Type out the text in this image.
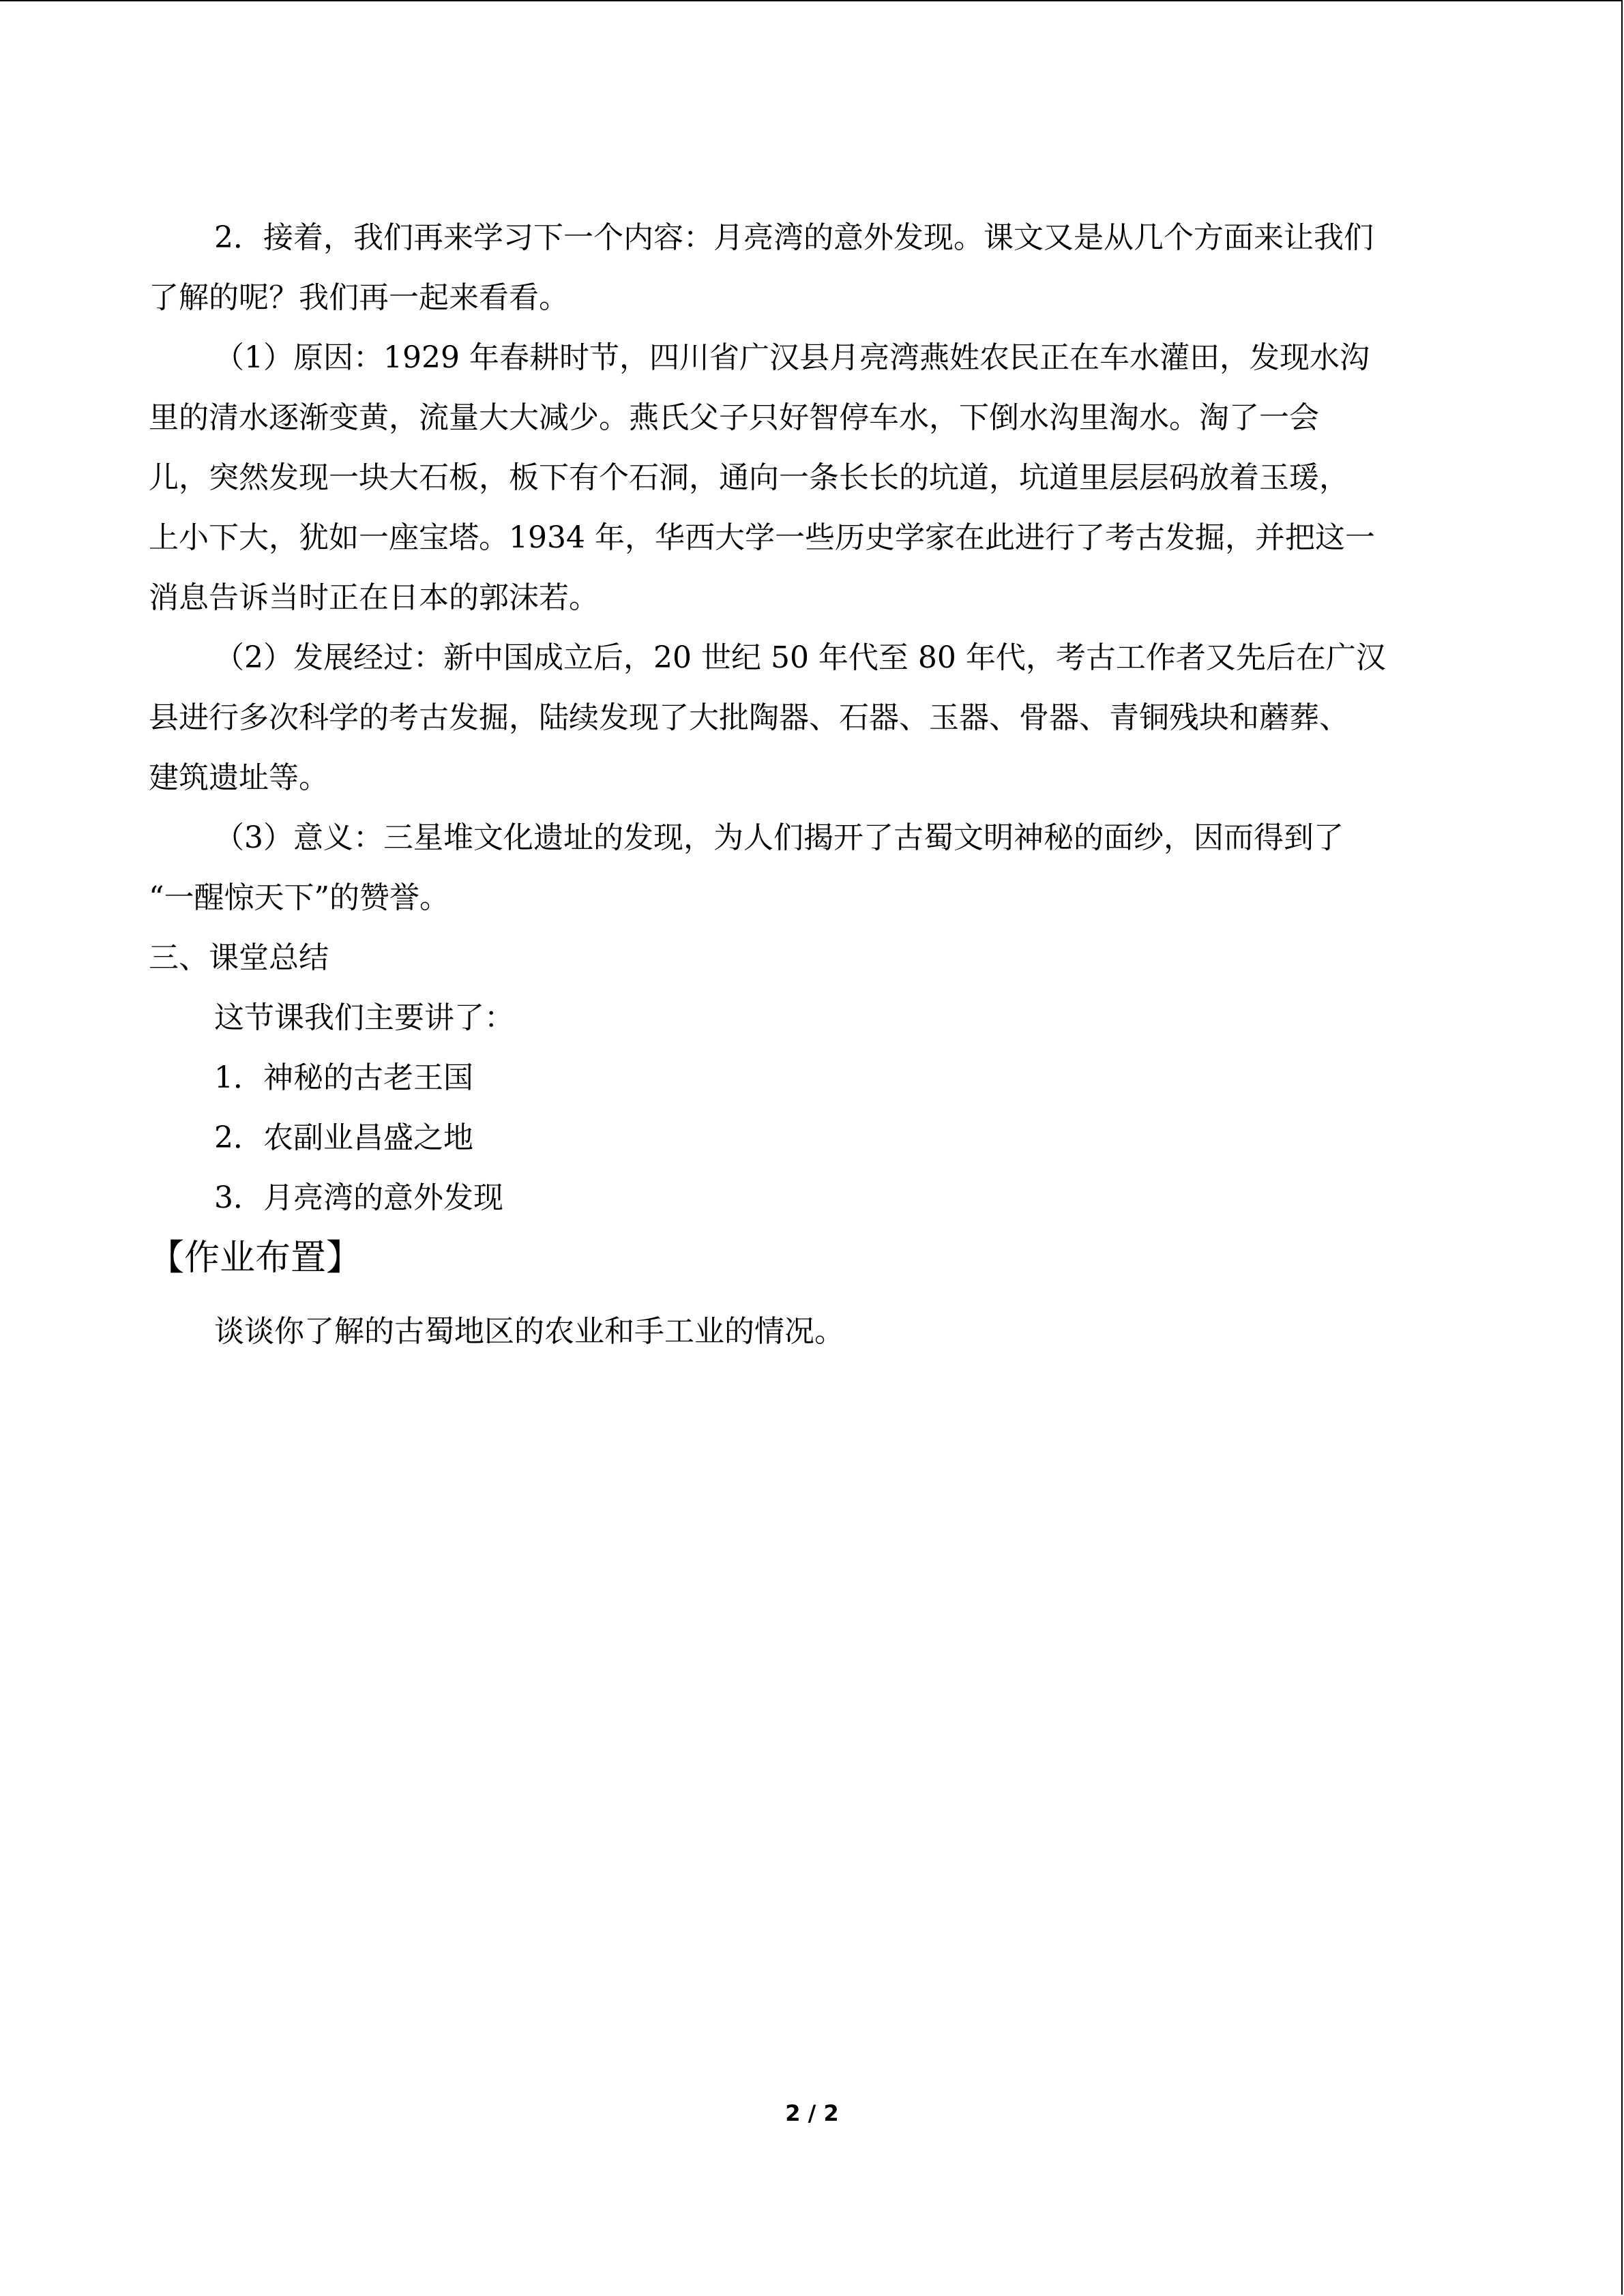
2．接着，我们再来学习下一个内容：月亮湾的意外发现。课文又是从几个方面来让我们
了解的呢？我们再一起来看看。
（1）原因：1929 年春耕时节，四川省广汉县月亮湾燕姓农民正在车水灌田，发现水沟
里的清水逐渐变黄，流量大大减少。燕氏父子只好智停车水，下倒水沟里淘水。淘了一会
儿，突然发现一块大石板，板下有个石洞，通向一条长长的坑道，坑道里层层码放着玉瑗，
上小下大，犹如一座宝塔。1934 年，华西大学一些历史学家在此进行了考古发掘，并把这一
消息告诉当时正在日本的郭沫若。
（2）发展经过：新中国成立后，20 世纪 50 年代至 80 年代，考古工作者又先后在广汉
县进行多次科学的考古发掘，陆续发现了大批陶器、石器、玉器、骨器、青铜残块和蘑葬、
建筑遗址等。
（3）意义：三星堆文化遗址的发现，为人们揭开了古蜀文明神秘的面纱，因而得到了
“一醒惊天下”的赞誉。
三、课堂总结
这节课我们主要讲了：
1．神秘的古老王国
2．农副业昌盛之地
3．月亮湾的意外发现
【作业布置】
谈谈你了解的古蜀地区的农业和手工业的情况。
2 / 2
